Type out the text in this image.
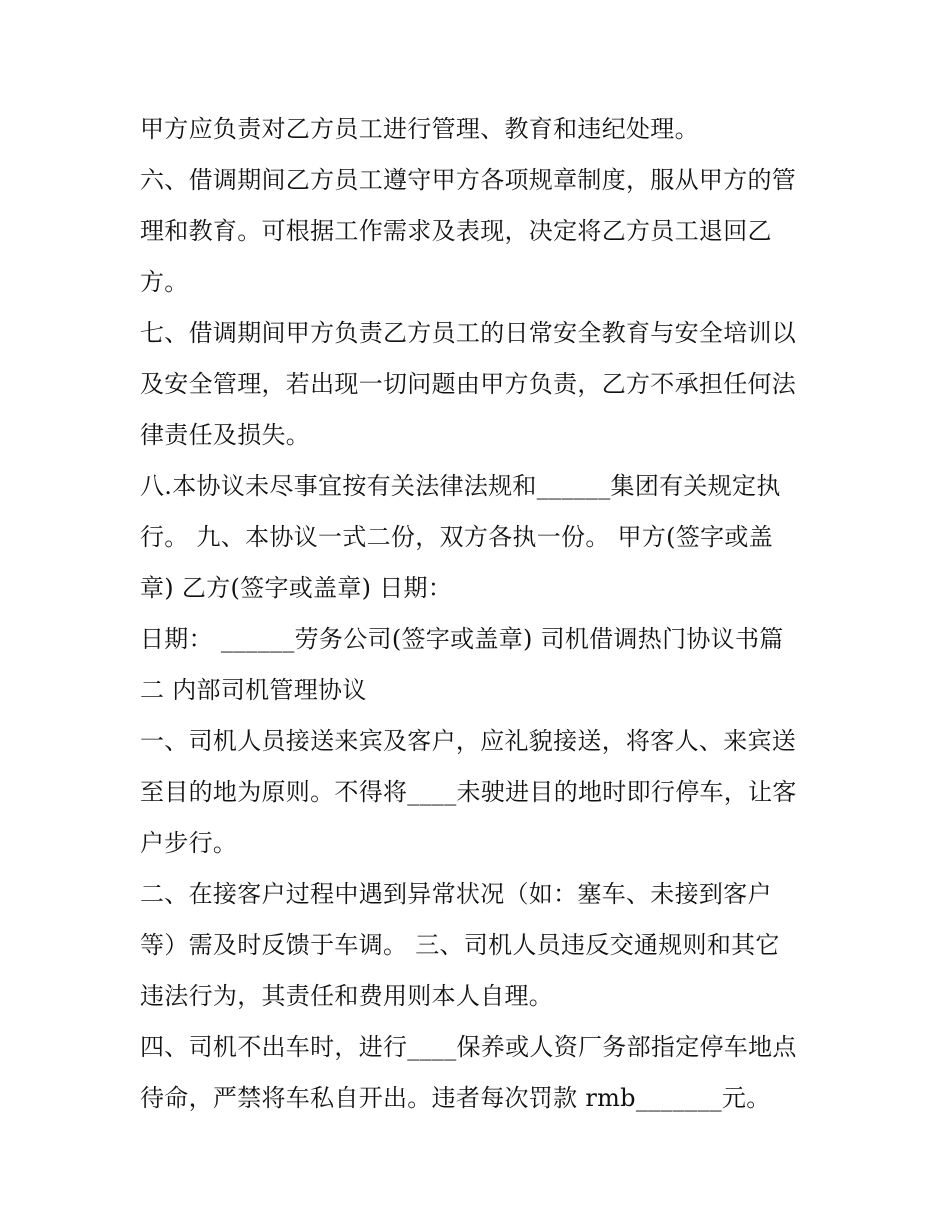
甲方应负责对乙方员工进行管理、教育和违纪处理。
六、借调期间乙方员工遵守甲方各项规章制度，服从甲方的管
理和教育。可根据工作需求及表现，决定将乙方员工退回乙
方。
七、借调期间甲方负责乙方员工的日常安全教育与安全培训以
及安全管理，若出现一切问题由甲方负责，乙方不承担任何法
律责任及损失。
八.本协议未尽事宜按有关法律法规和______集团有关规定执
行。 九、本协议一式二份，双方各执一份。 甲方(签字或盖
章) 乙方(签字或盖章) 日期：
日期： ______劳务公司(签字或盖章) 司机借调热门协议书篇
二 内部司机管理协议
一、司机人员接送来宾及客户，应礼貌接送，将客人、来宾送
至目的地为原则。不得将____未驶进目的地时即行停车，让客
户步行。
二、在接客户过程中遇到异常状况（如：塞车、未接到客户
等）需及时反馈于车调。 三、司机人员违反交通规则和其它
违法行为，其责任和费用则本人自理。
四、司机不出车时，进行____保养或人资厂务部指定停车地点
待命，严禁将车私自开出。违者每次罚款 rmb_______元。
